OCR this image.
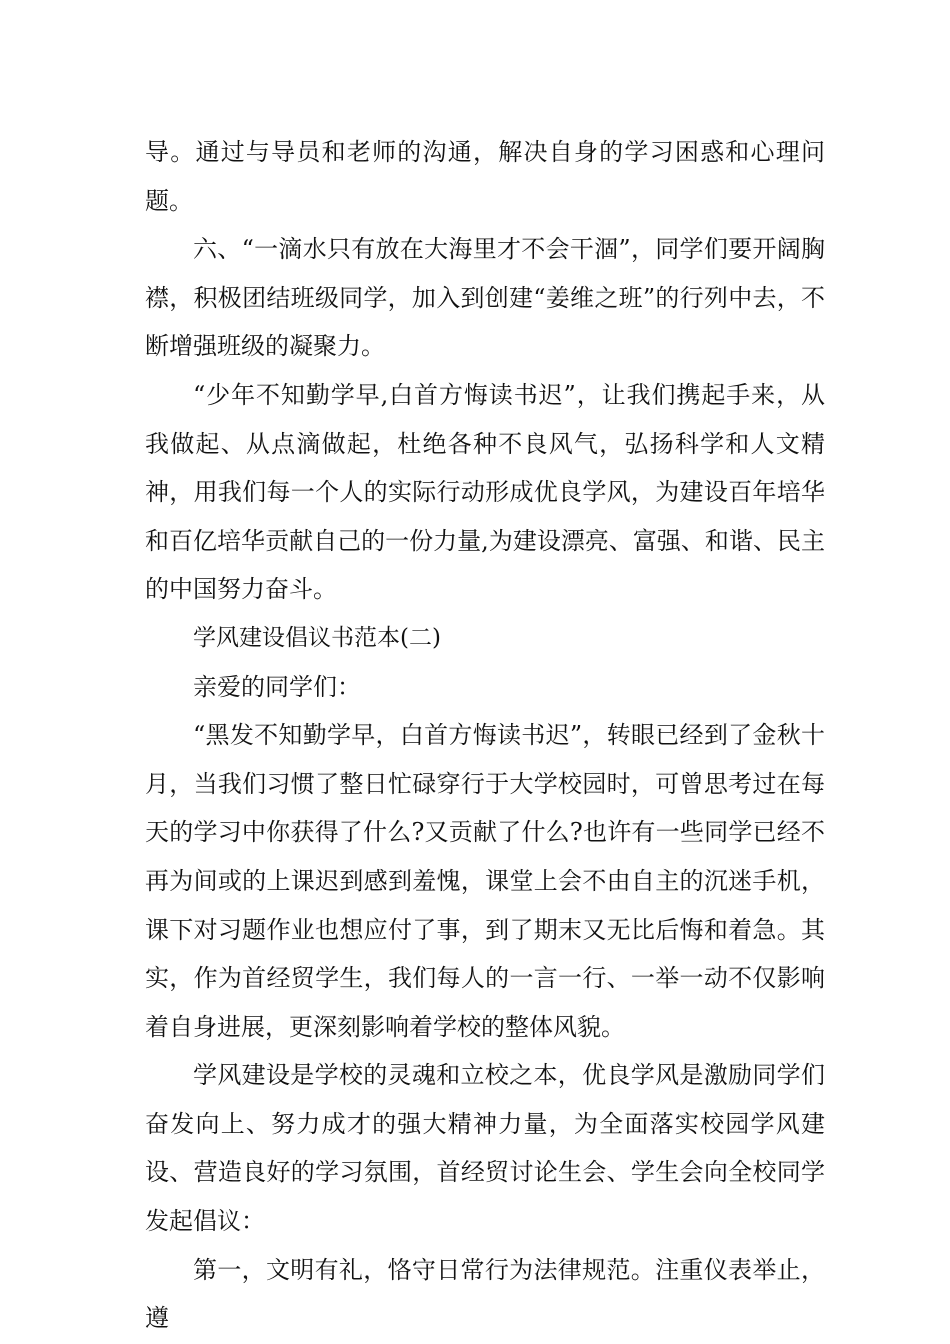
导。通过与导员和老师的沟通，解决自身的学习困惑和心理问题。

六、“一滴水只有放在大海里才不会干涸”，同学们要开阔胸襟，积极团结班级同学，加入到创建“姜维之班”的行列中去，不断增强班级的凝聚力。

“少年不知勤学早,白首方悔读书迟”，让我们携起手来，从我做起、从点滴做起，杜绝各种不良风气，弘扬科学和人文精神，用我们每一个人的实际行动形成优良学风，为建设百年培华和百亿培华贡献自己的一份力量,为建设漂亮、富强、和谐、民主的中国努力奋斗。

学风建设倡议书范本(二)

亲爱的同学们：

“黑发不知勤学早，白首方悔读书迟”，转眼已经到了金秋十月，当我们习惯了整日忙碌穿行于大学校园时，可曾思考过在每天的学习中你获得了什么?又贡献了什么?也许有一些同学已经不再为间或的上课迟到感到羞愧，课堂上会不由自主的沉迷手机，课下对习题作业也想应付了事，到了期末又无比后悔和着急。其实，作为首经贸学生，我们每人的一言一行、一举一动不仅影响着自身进展，更深刻影响着学校的整体风貌。

学风建设是学校的灵魂和立校之本，优良学风是激励同学们奋发向上、努力成才的强大精神力量，为全面落实校园学风建设、营造良好的学习氛围，首经贸讨论生会、学生会向全校同学发起倡议：

第一，文明有礼，恪守日常行为法律规范。注重仪表举止，遵
